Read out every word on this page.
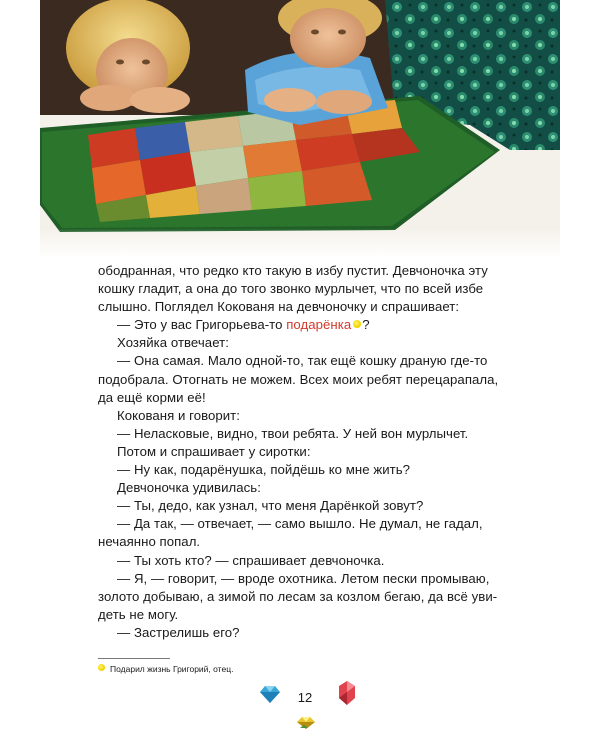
ободранная, что редко кто такую в избу пустит. Девчоночка эту
кошку гладит, а она до того звонко мурлычет, что по всей избе
слышно. Поглядел Кокованя на девчоночку и спрашивает:
— Это у вас Григорьева-то подарёнка ?
Хозяйка отвечает:
— Она самая. Мало одной-то, так ещё кошку драную где-то
подобрала. Отогнать не можем. Всех моих ребят перецарапала,
да ещё корми её!
Кокованя и говорит:
— Неласковые, видно, твои ребята. У ней вон мурлычет.
Потом и спрашивает у сиротки:
— Ну как, подарёнушка, пойдёшь ко мне жить?
Девчоночка удивилась:
— Ты, дедо, как узнал, что меня Дарёнкой зовут?
— Да так, — отвечает, — само вышло. Не думал, не гадал,
нечаянно попал.
— Ты хоть кто? — спрашивает девчоночка.
— Я, — говорит, — вроде охотника. Летом пески промываю,
золото добываю, а зимой по лесам за козлом бегаю, да всё уви-
деть не могу.
— Застрелишь его?
Подарил жизнь Григорий, отец.
12
